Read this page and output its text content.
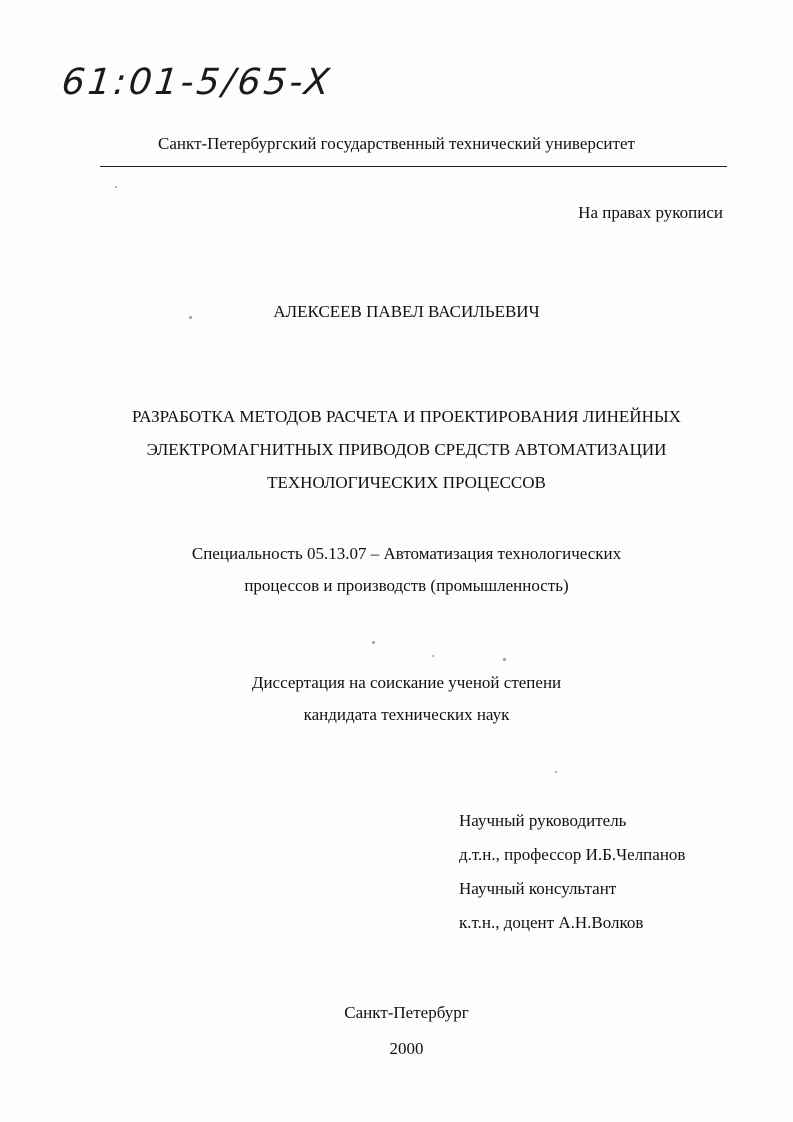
61:01-5/65-X
Санкт-Петербургский государственный технический университет
На правах рукописи
АЛЕКСЕЕВ ПАВЕЛ ВАСИЛЬЕВИЧ
РАЗРАБОТКА МЕТОДОВ РАСЧЕТА И ПРОЕКТИРОВАНИЯ ЛИНЕЙНЫХ
ЭЛЕКТРОМАГНИТНЫХ ПРИВОДОВ СРЕДСТВ АВТОМАТИЗАЦИИ
ТЕХНОЛОГИЧЕСКИХ ПРОЦЕССОВ
Специальность 05.13.07 – Автоматизация технологических
процессов и производств (промышленность)
Диссертация на соискание ученой степени
кандидата технических наук
Научный руководитель
д.т.н., профессор И.Б.Челпанов
Научный консультант
к.т.н., доцент А.Н.Волков
Санкт-Петербург
2000
